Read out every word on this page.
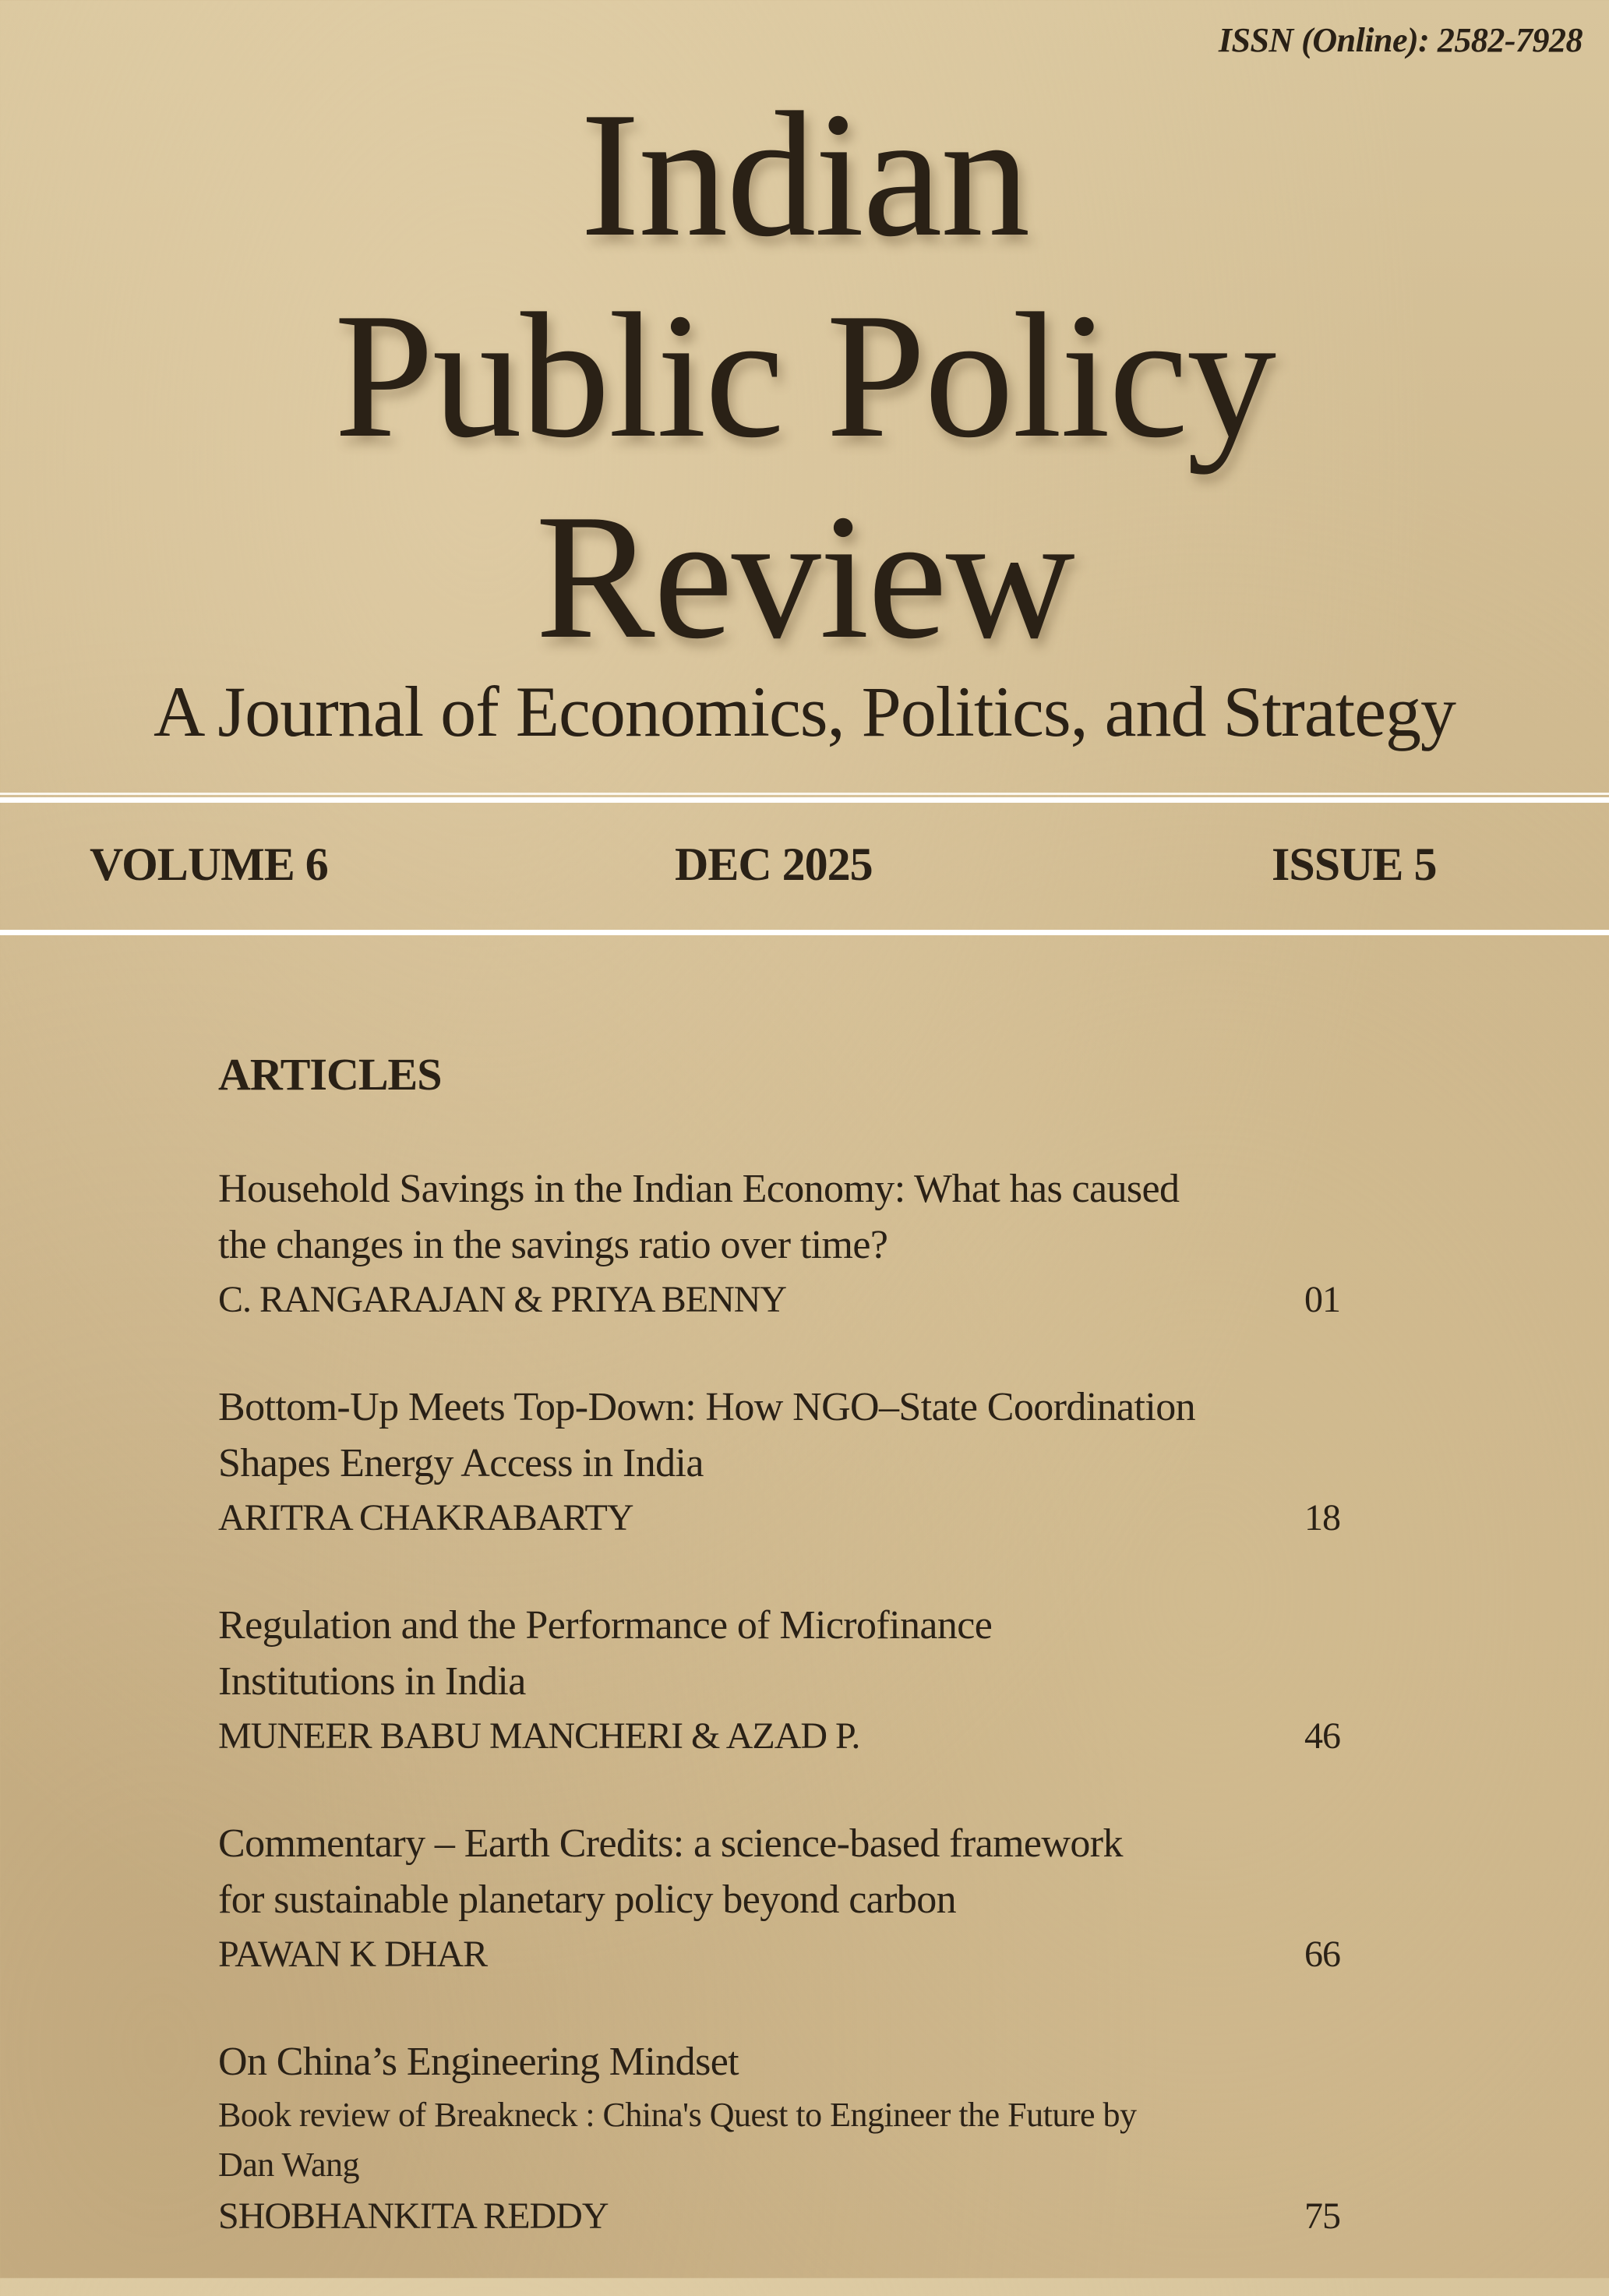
ISSN (Online): 2582-7928
Indian
Public Policy
Review
A Journal of Economics, Politics, and Strategy
VOLUME 6	DEC 2025	ISSUE 5
ARTICLES
Household Savings in the Indian Economy: What has caused
the changes in the savings ratio over time?
C. RANGARAJAN & PRIYA BENNY	01
Bottom-Up Meets Top-Down: How NGO–State Coordination
Shapes Energy Access in India
ARITRA CHAKRABARTY	18
Regulation and the Performance of Microfinance
Institutions in India
MUNEER BABU MANCHERI & AZAD P.	46
Commentary – Earth Credits: a science-based framework
for sustainable planetary policy beyond carbon
PAWAN K DHAR	66
On China’s Engineering Mindset
Book review of Breakneck : China's Quest to Engineer the Future by
Dan Wang
SHOBHANKITA REDDY	75
